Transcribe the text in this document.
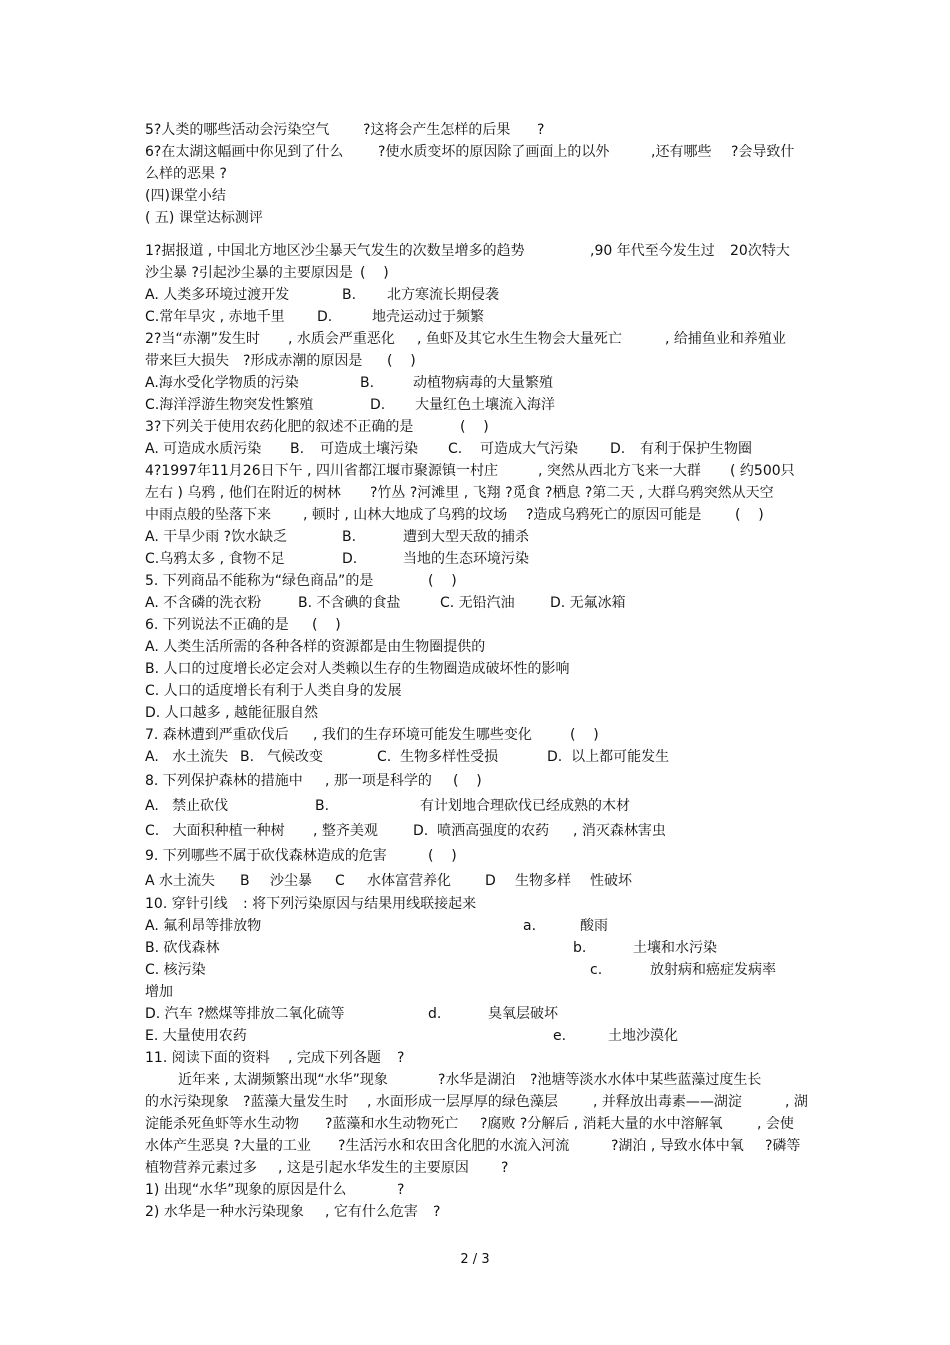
5?人类的哪些活动会污染空气 ?这将会产生怎样的后果 ?
6?在太湖这幅画中你见到了什么 ?使水质变坏的原因除了画面上的以外	,还有哪些 ?会导致什
么样的恶果 ?
(四)课堂小结
( 五) 课堂达标测评
1?据报道 , 中国北方地区沙尘暴天气发生的次数呈增多的趋势	,90 年代至今发生过 20次特大
沙尘暴 ?引起沙尘暴的主要原因是 (    )
A. 人类多环境过渡开发	B. 北方寒流长期侵袭
C.常年旱灾 , 赤地千里 D.	地壳运动过于频繁
2?当“赤潮”发生时 , 水质会严重恶化 , 鱼虾及其它水生生物会大量死亡	, 给捕鱼业和养殖业
带来巨大损失 ?形成赤潮的原因是 (    )
A.海水受化学物质的污染	B.	动植物病毒的大量繁殖
C.海洋浮游生物突发性繁殖	D. 大量红色土壤流入海洋
3?下列关于使用农药化肥的叙述不正确的是	(    )
A. 可造成水质污染 B. 可造成土壤污染 C. 可造成大气污染 D. 有利于保护生物圈
4?1997年11月26日下午 , 四川省都江堰市聚源镇一村庄	, 突然从西北方飞来一大群 ( 约500只
左右 ) 乌鸦 , 他们在附近的树林 ?竹丛 ?河滩里 , 飞翔 ?觅食 ?栖息 ?第二天 , 大群乌鸦突然从天空
中雨点般的坠落下来 , 顿时 , 山林大地成了乌鸦的坟场 ?造成乌鸦死亡的原因可能是 (    )
A. 干旱少雨 ?饮水缺乏	B.	遭到大型天敌的捕杀
C.乌鸦太多 , 食物不足	D.	当地的生态环境污染
5. 下列商品不能称为“绿色商品”的是	(    )
A. 不含磷的洗衣粉	B. 不含碘的食盐	C. 无铅汽油	D. 无氟冰箱
6. 下列说法不正确的是 (    )
A. 人类生活所需的各种各样的资源都是由生物圈提供的
B. 人口的过度增长必定会对人类赖以生存的生物圈造成破坏性的影响
C. 人口的适度增长有利于人类自身的发展
D. 人口越多 , 越能征服自然
7. 森林遭到严重砍伐后 , 我们的生存环境可能发生哪些变化	(    )
A.   水土流失 B. 气候改变	C.  生物多样性受损	D.  以上都可能发生
8. 下列保护森林的措施中 , 那一项是科学的 (    )
A.   禁止砍伐	B.	有计划地合理砍伐已经成熟的木材
C.   大面积种植一种树 , 整齐美观	D.  喷洒高强度的农药 , 消灭森林害虫
9. 下列哪些不属于砍伐森林造成的危害	(    )
A 水土流失 B 沙尘暴 C 水体富营养化 D 生物多样 性破坏
10. 穿针引线 : 将下列污染原因与结果用线联接起来
A. 氟利昂等排放物	a.	酸雨
B. 砍伐森林	b.	土壤和水污染
C. 核污染	c.	放射病和癌症发病率
增加
D. 汽车 ?燃煤等排放二氧化硫等	d.	臭氧层破坏
E. 大量使用农药	e.	土地沙漠化
11. 阅读下面的资料 , 完成下列各题 ?
近年来 , 太湖频繁出现“水华”现象	?水华是湖泊 ?池塘等淡水水体中某些蓝藻过度生长
的水污染现象 ?蓝藻大量发生时 , 水面形成一层厚厚的绿色藻层	, 并释放出毒素——湖淀	, 湖
淀能杀死鱼虾等水生动物 ?蓝藻和水生动物死亡 ?腐败 ?分解后 , 消耗大量的水中溶解氧 , 会使
水体产生恶臭 ?大量的工业 ?生活污水和农田含化肥的水流入河流	?湖泊 , 导致水体中氧 ?磷等
植物营养元素过多 , 这是引起水华发生的主要原因 ?
1) 出现“水华”现象的原因是什么	?
2) 水华是一种水污染现象 , 它有什么危害 ?
2 / 3
